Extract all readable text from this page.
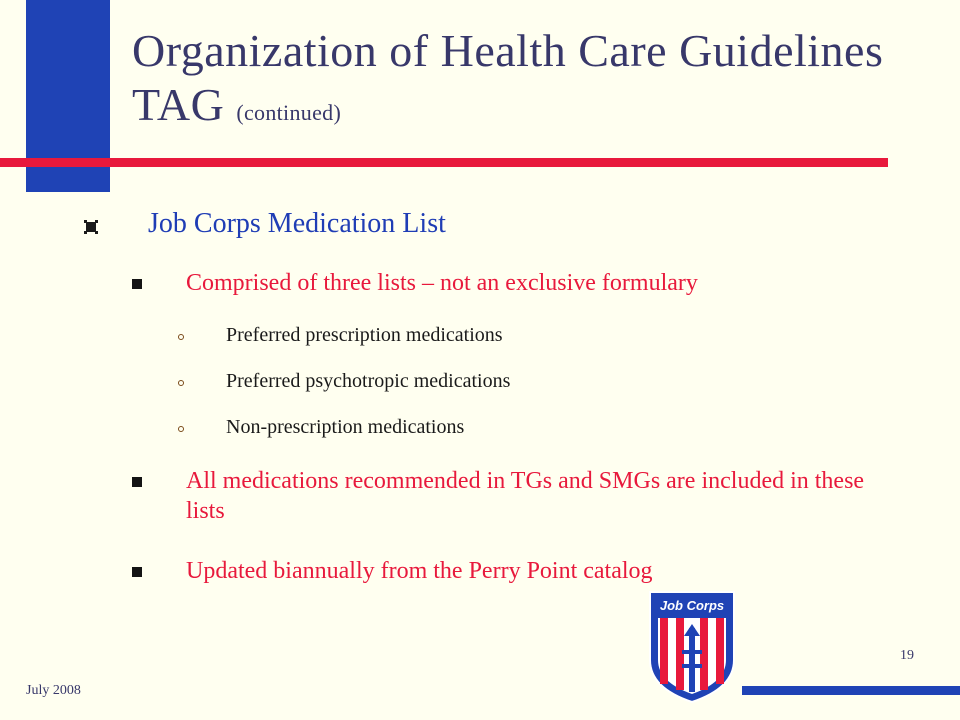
Organization of Health Care Guidelines TAG (continued)
Job Corps Medication List
Comprised of three lists – not an exclusive formulary
Preferred prescription medications
Preferred psychotropic medications
Non-prescription medications
All medications recommended in TGs and SMGs are included in these lists
Updated biannually from the Perry Point catalog
Job Corps
19
July 2008
